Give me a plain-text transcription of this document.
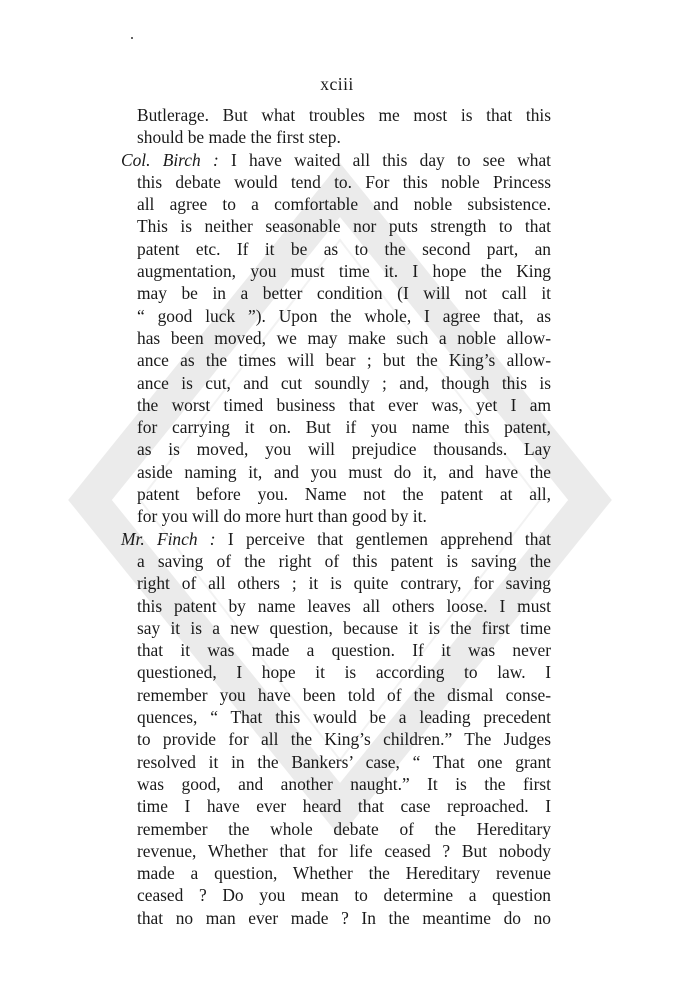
xciii
Butlerage. But what troubles me most is that this
should be made the first step.
Col. Birch : I have waited all this day to see what
this debate would tend to. For this noble Princess
all agree to a comfortable and noble subsistence.
This is neither seasonable nor puts strength to that
patent etc. If it be as to the second part, an
augmentation, you must time it. I hope the King
may be in a better condition (I will not call it
“ good luck ”). Upon the whole, I agree that, as
has been moved, we may make such a noble allow-
ance as the times will bear ; but the King’s allow-
ance is cut, and cut soundly ; and, though this is
the worst timed business that ever was, yet I am
for carrying it on. But if you name this patent,
as is moved, you will prejudice thousands. Lay
aside naming it, and you must do it, and have the
patent before you. Name not the patent at all,
for you will do more hurt than good by it.
Mr. Finch : I perceive that gentlemen apprehend that
a saving of the right of this patent is saving the
right of all others ; it is quite contrary, for saving
this patent by name leaves all others loose. I must
say it is a new question, because it is the first time
that it was made a question. If it was never
questioned, I hope it is according to law. I
remember you have been told of the dismal conse-
quences, “ That this would be a leading precedent
to provide for all the King’s children.” The Judges
resolved it in the Bankers’ case, “ That one grant
was good, and another naught.” It is the first
time I have ever heard that case reproached. I
remember the whole debate of the Hereditary
revenue, Whether that for life ceased ? But nobody
made a question, Whether the Hereditary revenue
ceased ? Do you mean to determine a question
that no man ever made ? In the meantime do no
